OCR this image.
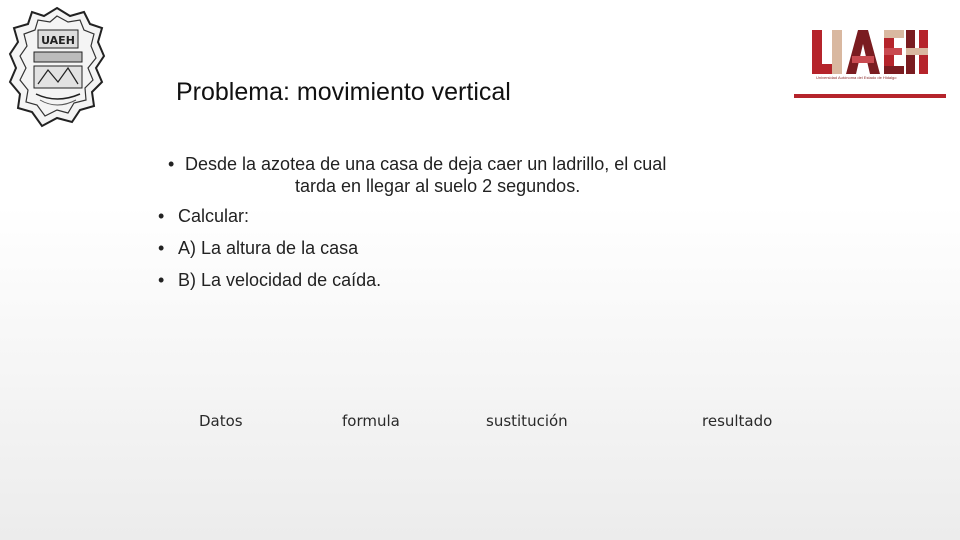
UAEH
Universidad Autónoma del Estado de Hidalgo
Problema: movimiento vertical
• Desde la azotea de una casa de deja caer un ladrillo, el cual
tarda en llegar al suelo 2 segundos.
• Calcular:
• A) La altura de la casa
• B) La velocidad de caída.
Datos	formula	sustitución	resultado
